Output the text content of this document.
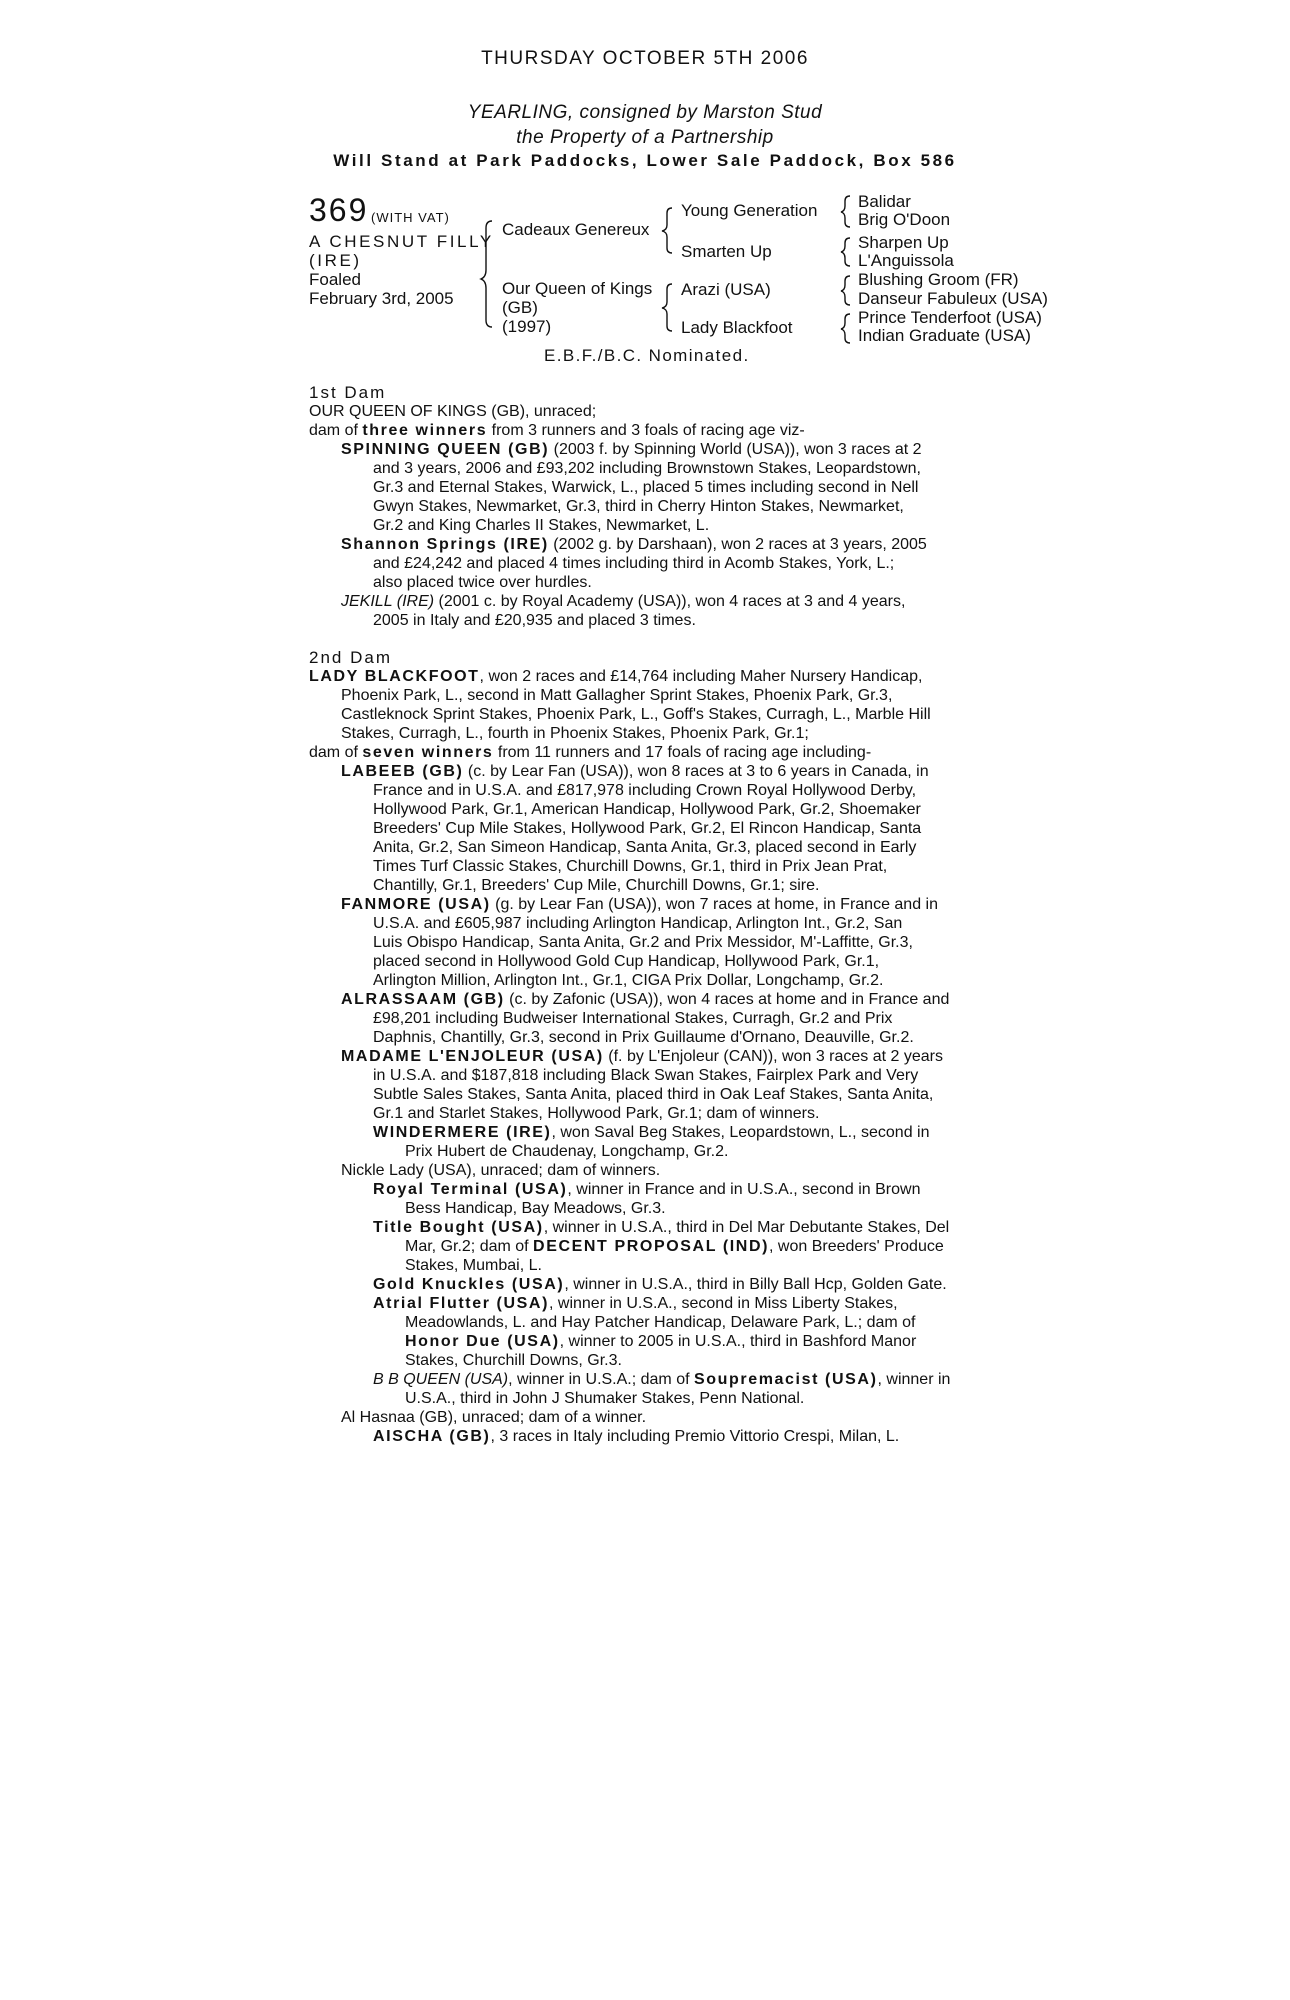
THURSDAY OCTOBER 5TH 2006
YEARLING, consigned by Marston Stud
the Property of a Partnership
Will Stand at Park Paddocks, Lower Sale Paddock, Box 586
369 (WITH VAT)
A CHESNUT FILLY
(IRE)
Foaled
February 3rd, 2005
Cadeaux Genereux
Our Queen of Kings
(GB)
(1997)
Young Generation
Smarten Up
Arazi (USA)
Lady Blackfoot
Balidar
Brig O'Doon
Sharpen Up
L'Anguissola
Blushing Groom (FR)
Danseur Fabuleux (USA)
Prince Tenderfoot (USA)
Indian Graduate (USA)
E.B.F./B.C. Nominated.
1st Dam
OUR QUEEN OF KINGS (GB), unraced;
dam of three winners from 3 runners and 3 foals of racing age viz-
SPINNING QUEEN (GB) (2003 f. by Spinning World (USA)), won 3 races at 2
and 3 years, 2006 and £93,202 including Brownstown Stakes, Leopardstown,
Gr.3 and Eternal Stakes, Warwick, L., placed 5 times including second in Nell
Gwyn Stakes, Newmarket, Gr.3, third in Cherry Hinton Stakes, Newmarket,
Gr.2 and King Charles II Stakes, Newmarket, L.
Shannon Springs (IRE) (2002 g. by Darshaan), won 2 races at 3 years, 2005
and £24,242 and placed 4 times including third in Acomb Stakes, York, L.;
also placed twice over hurdles.
JEKILL (IRE) (2001 c. by Royal Academy (USA)), won 4 races at 3 and 4 years,
2005 in Italy and £20,935 and placed 3 times.
2nd Dam
LADY BLACKFOOT, won 2 races and £14,764 including Maher Nursery Handicap,
Phoenix Park, L., second in Matt Gallagher Sprint Stakes, Phoenix Park, Gr.3,
Castleknock Sprint Stakes, Phoenix Park, L., Goff's Stakes, Curragh, L., Marble Hill
Stakes, Curragh, L., fourth in Phoenix Stakes, Phoenix Park, Gr.1;
dam of seven winners from 11 runners and 17 foals of racing age including-
LABEEB (GB) (c. by Lear Fan (USA)), won 8 races at 3 to 6 years in Canada, in
France and in U.S.A. and £817,978 including Crown Royal Hollywood Derby,
Hollywood Park, Gr.1, American Handicap, Hollywood Park, Gr.2, Shoemaker
Breeders' Cup Mile Stakes, Hollywood Park, Gr.2, El Rincon Handicap, Santa
Anita, Gr.2, San Simeon Handicap, Santa Anita, Gr.3, placed second in Early
Times Turf Classic Stakes, Churchill Downs, Gr.1, third in Prix Jean Prat,
Chantilly, Gr.1, Breeders' Cup Mile, Churchill Downs, Gr.1; sire.
FANMORE (USA) (g. by Lear Fan (USA)), won 7 races at home, in France and in
U.S.A. and £605,987 including Arlington Handicap, Arlington Int., Gr.2, San
Luis Obispo Handicap, Santa Anita, Gr.2 and Prix Messidor, M'-Laffitte, Gr.3,
placed second in Hollywood Gold Cup Handicap, Hollywood Park, Gr.1,
Arlington Million, Arlington Int., Gr.1, CIGA Prix Dollar, Longchamp, Gr.2.
ALRASSAAM (GB) (c. by Zafonic (USA)), won 4 races at home and in France and
£98,201 including Budweiser International Stakes, Curragh, Gr.2 and Prix
Daphnis, Chantilly, Gr.3, second in Prix Guillaume d'Ornano, Deauville, Gr.2.
MADAME L'ENJOLEUR (USA) (f. by L'Enjoleur (CAN)), won 3 races at 2 years
in U.S.A. and $187,818 including Black Swan Stakes, Fairplex Park and Very
Subtle Sales Stakes, Santa Anita, placed third in Oak Leaf Stakes, Santa Anita,
Gr.1 and Starlet Stakes, Hollywood Park, Gr.1; dam of winners.
WINDERMERE (IRE), won Saval Beg Stakes, Leopardstown, L., second in
Prix Hubert de Chaudenay, Longchamp, Gr.2.
Nickle Lady (USA), unraced; dam of winners.
Royal Terminal (USA), winner in France and in U.S.A., second in Brown
Bess Handicap, Bay Meadows, Gr.3.
Title Bought (USA), winner in U.S.A., third in Del Mar Debutante Stakes, Del
Mar, Gr.2; dam of DECENT PROPOSAL (IND), won Breeders' Produce
Stakes, Mumbai, L.
Gold Knuckles (USA), winner in U.S.A., third in Billy Ball Hcp, Golden Gate.
Atrial Flutter (USA), winner in U.S.A., second in Miss Liberty Stakes,
Meadowlands, L. and Hay Patcher Handicap, Delaware Park, L.; dam of
Honor Due (USA), winner to 2005 in U.S.A., third in Bashford Manor
Stakes, Churchill Downs, Gr.3.
B B QUEEN (USA), winner in U.S.A.; dam of Soupremacist (USA), winner in
U.S.A., third in John J Shumaker Stakes, Penn National.
Al Hasnaa (GB), unraced; dam of a winner.
AISCHA (GB), 3 races in Italy including Premio Vittorio Crespi, Milan, L.
